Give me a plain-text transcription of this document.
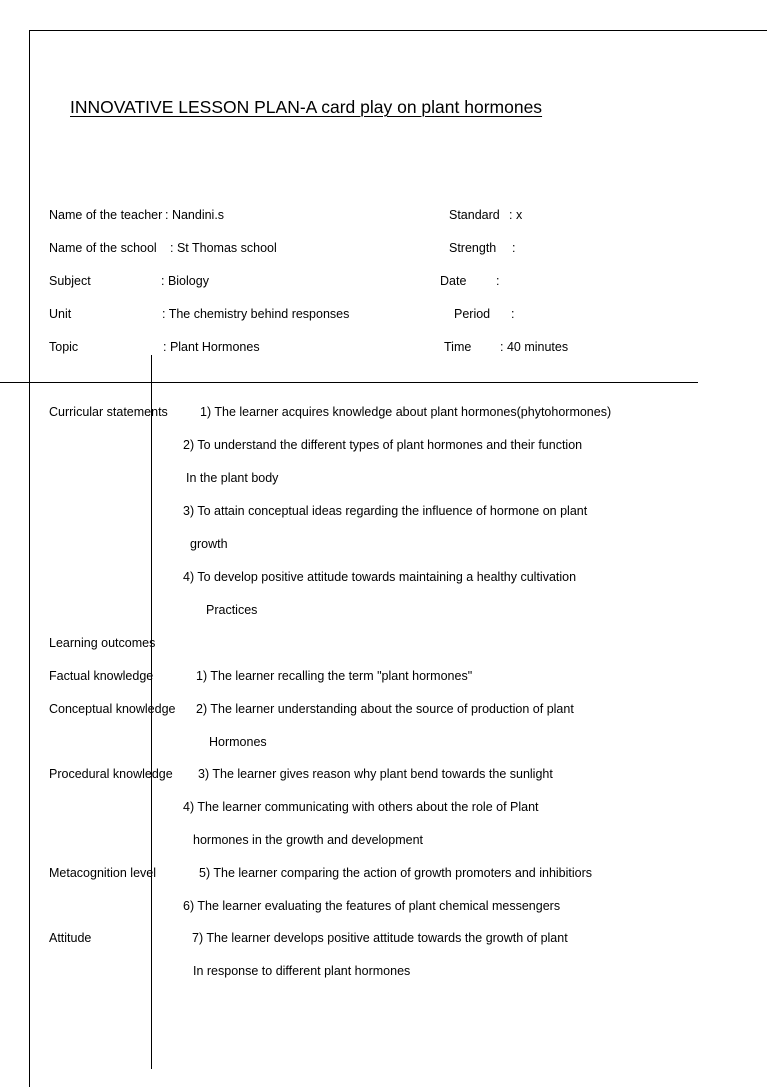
INNOVATIVE LESSON PLAN-A card play on plant hormones
Name of the teacher : Nandini.s	Standard : x
Name of the school : St Thomas school	Strength :
Subject	: Biology	Date :
Unit	: The chemistry behind responses	Period :
Topic	: Plant Hormones	Time : 40 minutes
Curricular statements	1) The learner acquires knowledge about plant hormones(phytohormones)
2) To understand the different types of plant hormones and their function
In the plant body
3) To attain conceptual ideas regarding the influence of hormone on plant
growth
4) To develop positive attitude towards maintaining a healthy cultivation
Practices
Learning outcomes
Factual knowledge	1) The learner recalling the term "plant hormones"
Conceptual knowledge 2) The learner understanding about the source of production of plant
Hormones
Procedural knowledge 3) The learner gives reason why plant bend towards the sunlight
4) The learner communicating with others about the role of Plant
hormones in the growth and development
Metacognition level	5) The learner comparing the action of growth promoters and inhibitiors
6) The learner evaluating the features of plant chemical messengers
Attitude	7) The learner develops positive attitude towards the growth of plant
In response to different plant hormones
